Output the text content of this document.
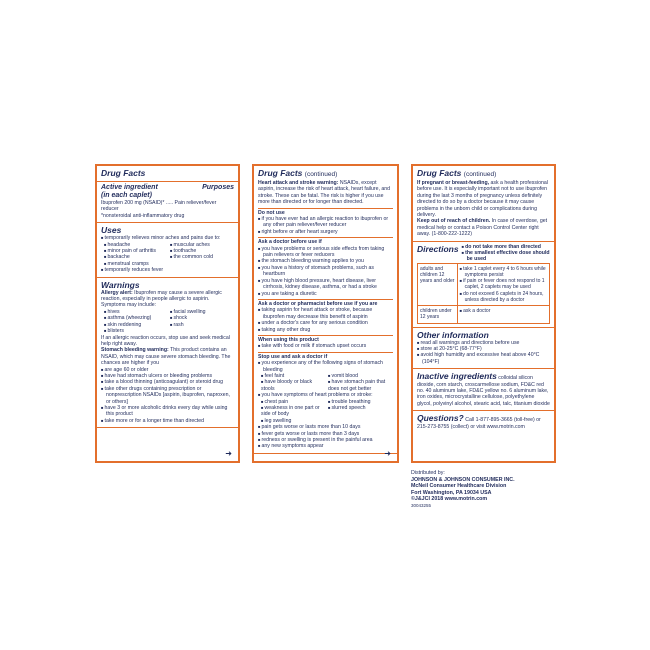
Drug Facts
Active ingredient	Purposes
(in each caplet)
Ibuprofen 200 mg (NSAID)* ..... Pain reliever/fever reducer
*nonsteroidal anti-inflammatory drug
Uses
■ temporarily relieves minor aches and pains due to:
■ headache	■ muscular aches
■ minor pain of arthritis	■ toothache
■ backache	■ the common cold
■ menstrual cramps
■ temporarily reduces fever
Warnings
Allergy alert: Ibuprofen may cause a severe allergic reaction, especially in people allergic to aspirin. Symptoms may include:
■ hives	■ facial swelling
■ asthma (wheezing)	■ shock
■ skin reddening	■ rash
■ blisters
If an allergic reaction occurs, stop use and seek medical help right away.
Stomach bleeding warning: This product contains an NSAID, which may cause severe stomach bleeding. The chances are higher if you
■ are age 60 or older
■ have had stomach ulcers or bleeding problems
■ take a blood thinning (anticoagulant) or steroid drug
■ take other drugs containing prescription or nonprescription NSAIDs [aspirin, ibuprofen, naproxen, or others]
■ have 3 or more alcoholic drinks every day while using this product
■ take more or for a longer time than directed
➜
Drug Facts (continued)
Heart attack and stroke warning: NSAIDs, except aspirin, increase the risk of heart attack, heart failure, and stroke. These can be fatal. The risk is higher if you use more than directed or for longer than directed.
Do not use
■ if you have ever had an allergic reaction to ibuprofen or any other pain reliever/fever reducer
■ right before or after heart surgery
Ask a doctor before use if
■ you have problems or serious side effects from taking pain relievers or fever reducers
■ the stomach bleeding warning applies to you
■ you have a history of stomach problems, such as heartburn
■ you have high blood pressure, heart disease, liver cirrhosis, kidney disease, asthma, or had a stroke
■ you are taking a diuretic
Ask a doctor or pharmacist before use if you are
■ taking aspirin for heart attack or stroke, because ibuprofen may decrease this benefit of aspirin
■ under a doctor's care for any serious condition
■ taking any other drug
When using this product
■ take with food or milk if stomach upset occurs
Stop use and ask a doctor if
■ you experience any of the following signs of stomach bleeding
■ feel faint	■ vomit blood
■ have bloody or black stools
■ have stomach pain that does not get better
■ you have symptoms of heart problems or stroke:
■ chest pain	■ trouble breathing
■ weakness in one part or side of body
■ slurred speech
■ leg swelling
■ pain gets worse or lasts more than 10 days
■ fever gets worse or lasts more than 3 days
■ redness or swelling is present in the painful area
■ any new symptoms appear
➜
Drug Facts (continued)
If pregnant or breast-feeding, ask a health professional before use. It is especially important not to use ibuprofen during the last 3 months of pregnancy unless definitely directed to do so by a doctor because it may cause problems in the unborn child or complications during delivery.
Keep out of reach of children. In case of overdose, get medical help or contact a Poison Control Center right away. (1-800-222-1222)
Directions	■ do not take more than directed
■ the smallest effective dose should be used
adults and children 12 years and older	■ take 1 caplet every 4 to 6 hours while symptoms persist
■ if pain or fever does not respond to 1 caplet, 2 caplets may be used
■ do not exceed 6 caplets in 24 hours, unless directed by a doctor

children under 12 years	■ ask a doctor
Other information
■ read all warnings and directions before use
■ store at 20-25°C (68-77°F)
■ avoid high humidity and excessive heat above 40°C (104°F)
Inactive ingredients colloidal silicon dioxide, corn starch, croscarmellose sodium, FD&C red no. 40 aluminum lake, FD&C yellow no. 6 aluminum lake, iron oxides, microcrystalline cellulose, polyethylene glycol, polyvinyl alcohol, stearic acid, talc, titanium dioxide
Questions? Call 1-877-895-3665 (toll-free) or 215-273-8755 (collect) or visit www.motrin.com
Distributed by:
JOHNSON & JOHNSON CONSUMER INC.
McNeil Consumer Healthcare Division
Fort Washington, PA 19034 USA
©J&JCI 2018 www.motrin.com
30043255
